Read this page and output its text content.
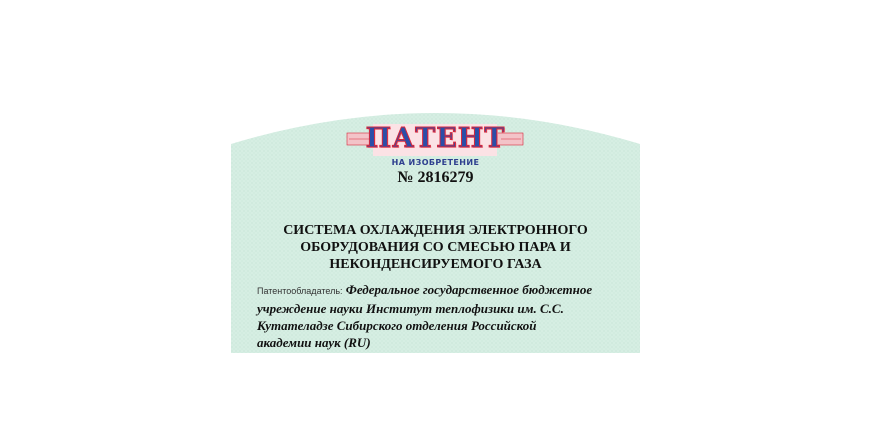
ПАТЕНТ
НА ИЗОБРЕТЕНИЕ
№ 2816279
СИСТЕМА ОХЛАЖДЕНИЯ ЭЛЕКТРОННОГО
ОБОРУДОВАНИЯ СО СМЕСЬЮ ПАРА И
НЕКОНДЕНСИРУЕМОГО ГАЗА
Патентообладатель: Федеральное государственное бюджетное
учреждение науки Институт теплофизики им. С.С.
Кутателадзе Сибирского отделения Российской
академии наук (RU)
